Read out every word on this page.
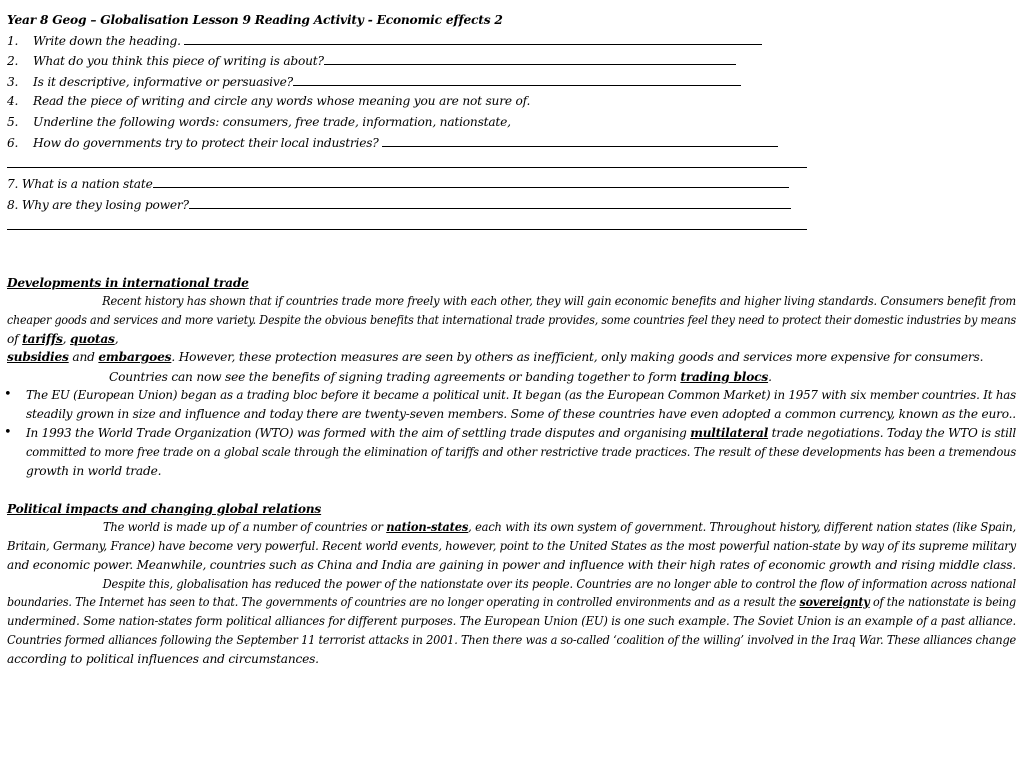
Year 8 Geog – Globalisation Lesson 9 Reading Activity - Economic effects 2
1. Write down the heading.
2. What do you think this piece of writing is about?
3. Is it descriptive, informative or persuasive?
4. Read the piece of writing and circle any words whose meaning you are not sure of.
5. Underline the following words: consumers, free trade, information, nationstate,
6. How do governments try to protect their local industries?
7. What is a nation state
8. Why are they losing power?
Developments in international trade
Recent history has shown that if countries trade more freely with each other, they will gain economic benefits and higher living standards. Consumers benefit from
cheaper goods and services and more variety. Despite the obvious benefits that international trade provides, some countries feel they need to protect their domestic industries by means
of tariffs, quotas,
subsidies and embargoes. However, these protection measures are seen by others as inefficient, only making goods and services more expensive for consumers.
Countries can now see the benefits of signing trading agreements or banding together to form trading blocs.
• The EU (European Union) began as a trading bloc before it became a political unit. It began (as the European Common Market) in 1957 with six member countries. It has
steadily grown in size and influence and today there are twenty-seven members. Some of these countries have even adopted a common currency, known as the euro..
• In 1993 the World Trade Organization (WTO) was formed with the aim of settling trade disputes and organising multilateral trade negotiations. Today the WTO is still
committed to more free trade on a global scale through the elimination of tariffs and other restrictive trade practices. The result of these developments has been a tremendous
growth in world trade.
Political impacts and changing global relations
The world is made up of a number of countries or nation-states, each with its own system of government. Throughout history, different nation states (like Spain,
Britain, Germany, France) have become very powerful. Recent world events, however, point to the United States as the most powerful nation-state by way of its supreme military
and economic power. Meanwhile, countries such as China and India are gaining in power and influence with their high rates of economic growth and rising middle class.
Despite this, globalisation has reduced the power of the nationstate over its people. Countries are no longer able to control the flow of information across national
boundaries. The Internet has seen to that. The governments of countries are no longer operating in controlled environments and as a result the sovereignty of the nationstate is being
undermined. Some nation-states form political alliances for different purposes. The European Union (EU) is one such example. The Soviet Union is an example of a past alliance.
Countries formed alliances following the September 11 terrorist attacks in 2001. Then there was a so-called ‘coalition of the willing’ involved in the Iraq War. These alliances change
according to political influences and circumstances.
